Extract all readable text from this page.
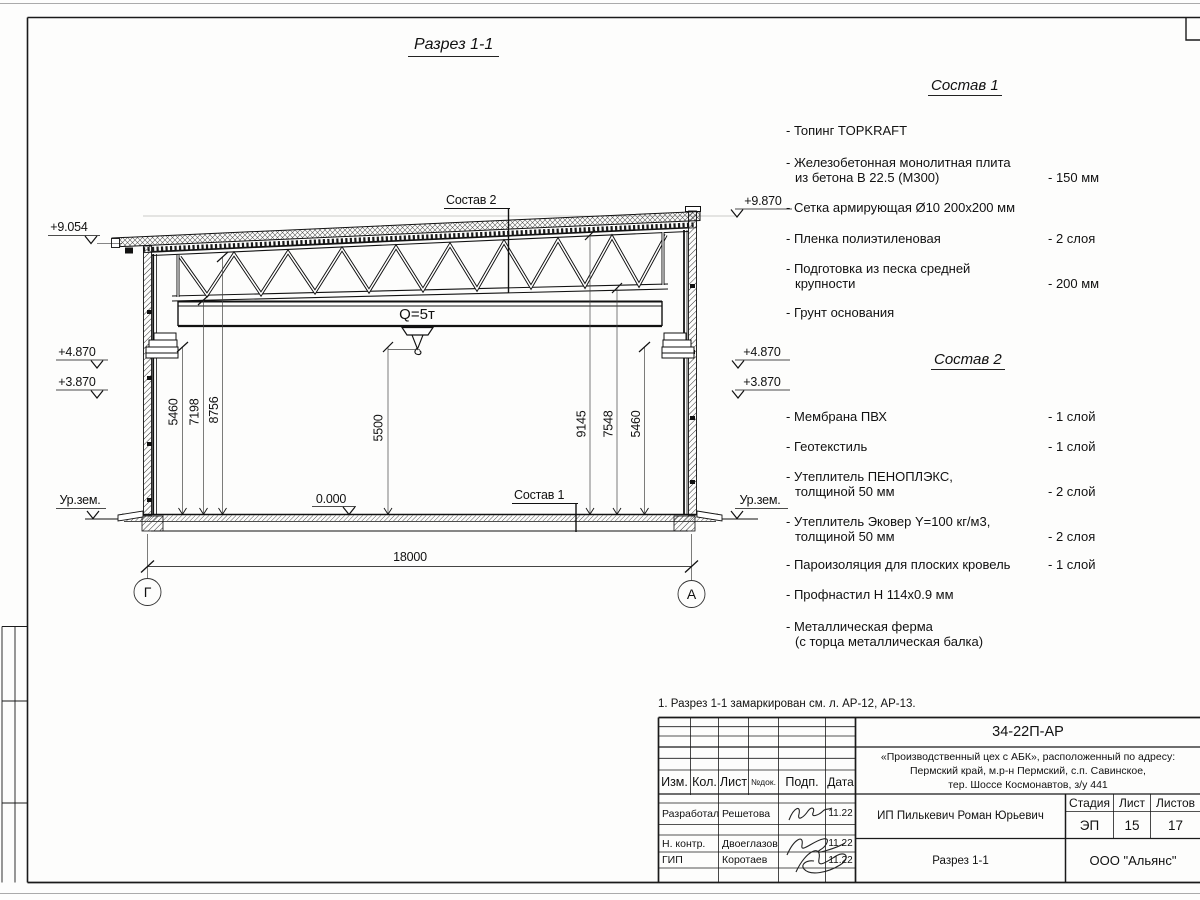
+9.054
+4.870
+3.870
Ур.зем.
+9.870
+4.870
+3.870
Ур.зем.
0.000
Q=5т
Состав 2
Состав 1
5460 7198 8756
5500	9145 7548 5460
18000
Г	А
Разрез 1-1
Состав 1
- Топинг TOPKRAFT
- Железобетонная монолитная плита
из бетона В 22.5 (М300)	- 150 мм
- Сетка армирующая Ø10 200x200 мм
- Пленка полиэтиленовая	- 2 слоя
- Подготовка из песка средней
крупности	- 200 мм
- Грунт основания
Состав 2
- Мембрана ПВХ	- 1 слой
- Геотекстиль	- 1 слой
- Утеплитель ПЕНОПЛЭКС,
толщиной 50 мм	- 2 слой
- Утеплитель Эковер Y=100 кг/м3,
толщиной 50 мм	- 2 слоя
- Пароизоляция для плоских кровель	- 1 слой
- Профнастил Н 114x0.9 мм
- Металлическая ферма
(с торца металлическая балка)
1. Разрез 1-1 замаркирован см. л. АР-12, АР-13.
34-22П-АР
«Производственный цех с АБК», расположенный по адресу:
Пермский край, м.р-н Пермский, с.п. Савинское,
тер. Шоссе Космонавтов, з/у 441
ИП Пилькевич Роман Юрьевич
Стадия Лист Листов
ЭП	15	17
Разрез 1-1	ООО "Альянс"
Изм. Кол. Лист №док. Подп. Дата
Разработал Решетова	11.22
Н. контр.	Двоеглазов	11.22
ГИП	Коротаев	11.22
